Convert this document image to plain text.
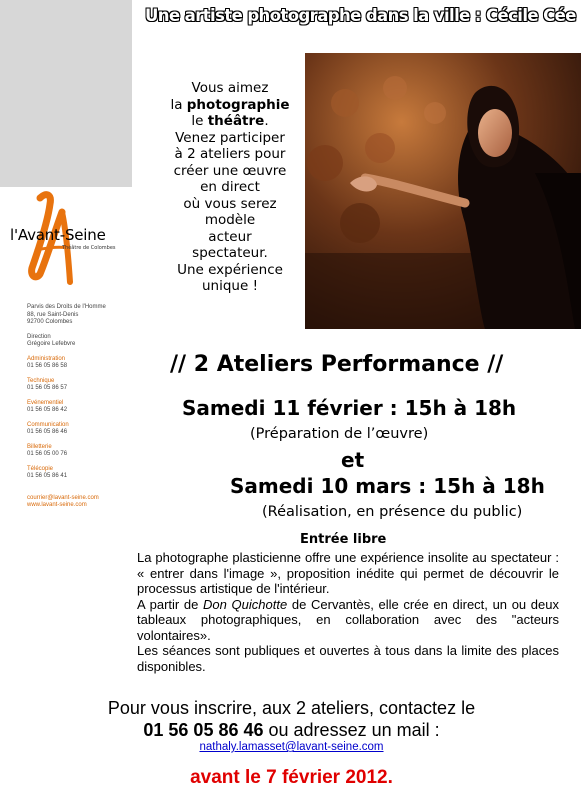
l'Avant-Seine
Théâtre de Colombes
Parvis des Droits de l'Homme
88, rue Saint-Denis
92700 Colombes
Direction
Grégoire Lefebvre
Administration
01 56 05 86 58
Technique
01 56 05 86 57
Evénementiel
01 56 05 86 42
Communication
01 56 05 86 46
Billetterie
01 56 05 00 76
Télécopie
01 56 05 86 41
courrier@lavant-seine.com
www.lavant-seine.com
Une artiste photographe dans la ville : Cécile Cée
Vous aimez
la photographie
le théâtre.
Venez participer
à 2 ateliers pour
créer une œuvre
en direct
où vous serez
modèle
acteur
spectateur.
Une expérience
unique !
// 2 Ateliers Performance //
Samedi 11 février : 15h à 18h
(Préparation de l’œuvre)
et
Samedi 10 mars : 15h à 18h
(Réalisation, en présence du public)
Entrée libre

La photographe plasticienne offre une expérience insolite au spectateur : « entrer dans l'image », proposition inédite qui permet de découvrir le processus artistique de l'intérieur.

A partir de Don Quichotte de Cervantès, elle crée en direct, un ou deux tableaux photographiques, en collaboration avec des "acteurs volontaires».

Les séances sont publiques et ouvertes à tous dans la limite des places disponibles.

Pour vous inscrire, aux 2 ateliers, contactez le
01 56 05 86 46 ou adressez un mail :
nathaly.lamasset@lavant-seine.com
avant le 7 février 2012.
